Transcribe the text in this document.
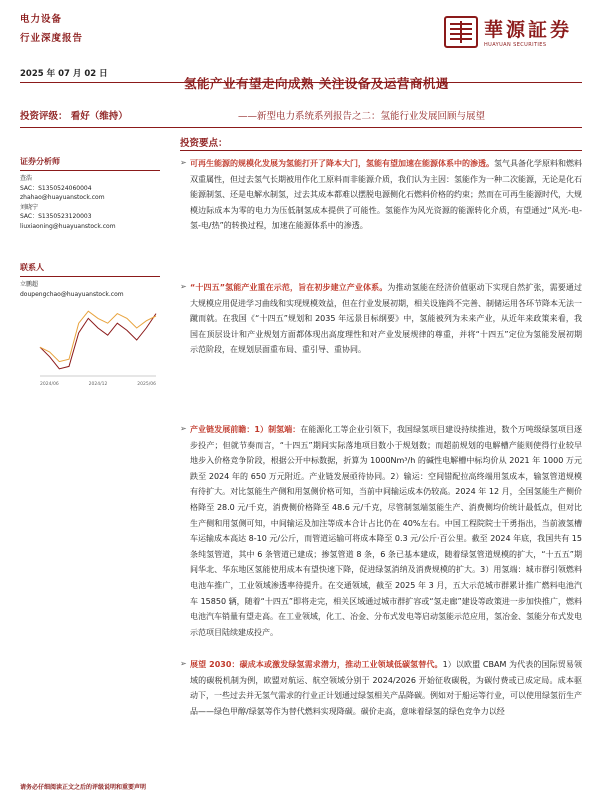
电力设备
行业深度报告	華源証券
HUAYUAN SECURITIES
2025 年 07 月 02 日
氢能产业有望走向成熟 关注设备及运营商机遇
投资评级： 看好（维持）	——新型电力系统系列报告之二：氢能行业发展回顾与展望
证券分析师
查浩
SAC：S1350524060004
zhahao@huayuanstock.com
刘晓宁
SAC：S1350523120003
liuxiaoning@huayuanstock.com
联系人
立鹏超
doupengchao@huayuanstock.com
2024/06	2024/12	2025/06
投资要点：
➢ 可再生能源的规模化发展为氢能打开了降本大门，氢能有望加速在能源体系中的渗透。氢气具备化学原料和燃料双重属性，但过去氢气长期被用作化工原料而非能源介质，我们认为主因：氢能作为一种二次能源，无论是化石能源制氢、还是电解水制氢，过去其成本都难以摆脱电源侧化石燃料价格的约束；然而在可再生能源时代，大规模边际成本为零的电力为压低制氢成本提供了可能性。氢能作为风光资源的能源转化介质，有望通过“风光-电-氢-电/热”的转换过程，加速在能源体系中的渗透。
➢ “十四五”氢能产业重在示范，旨在初步建立产业体系。为推动氢能在经济价值驱动下实现自然扩张，需要通过大规模应用促进学习曲线和实现规模效益，但在行业发展初期，相关设施尚不完善、制储运用各环节降本无法一蹴而就。在我国《“十四五”规划和 2035 年远景目标纲要》中，氢能被列为未来产业，从近年来政策来看，我国在顶层设计和产业规划方面都体现出高度理性和对产业发展规律的尊重，并将“十四五”定位为氢能发展初期示范阶段，在规划层面重布局、重引导、重协同。
➢ 产业链发展前瞻：1）制氢端：在能源化工等企业引领下，我国绿氢项目建设持续推进，数个万吨级绿氢项目逐步投产；但就节奏而言，“十四五”期间实际落地项目数小于规划数；而超前规划的电解槽产能则使得行业较早地步入价格竞争阶段，根据公开中标数据，折算为 1000Nm³/h 的碱性电解槽中标均价从 2021 年 1000 万元跌至 2024 年的 650 万元附近。产业链发展亟待协同。2）输运：空间错配拉高终端用氢成本，输氢管道规模有待扩大。对比氢能生产侧和用氢侧价格可知，当前中间输运成本仍较高。2024 年 12 月，全国氢能生产侧价格降至 28.0 元/千克，消费侧价格降至 48.6 元/千克，尽管制氢端氢能生产、消费侧均价统计最低点，但对比生产侧和用氢侧可知，中间输运及加注等成本合计占比仍在 40%左右。中国工程院院士干勇指出，当前液氢槽车运输成本高达 8-10 元/公斤，而管道运输可将成本降至 0.3 元/公斤·百公里。截至 2024 年底，我国共有 15 条纯氢管道，其中 6 条管道已建成；掺氢管道 8 条，6 条已基本建成，随着绿氢管道规模的扩大，“十五五”期间华北、华东地区氢能使用成本有望快速下降，促进绿氢消纳及消费规模的扩大。3）用氢端：城市群引领燃料电池车推广，工业领域渗透率待提升。在交通领域，截至 2025 年 3 月，五大示范城市群累计推广燃料电池汽车 15850 辆，随着“十四五”即将走完，相关区域通过城市群扩容或“氢走廊”建设等政策进一步加快推广，燃料电池汽车销量有望走高。在工业领域，化工、冶金、分布式发电等启动氢能示范应用，氢冶金、氢能分布式发电示范项目陆续建成投产。
➢ 展望 2030：碳成本或激发绿氢需求潜力，推动工业领域低碳氢替代。1）以欧盟 CBAM 为代表的国际贸易领域的碳税机制为例，欧盟对航运、航空领域分别于 2024/2026 开始征收碳税，为碳付费或已成定局。成本驱动下，一些过去并无氢气需求的行业正计划通过绿氢相关产品降碳。例如对于船运等行业，可以使用绿氢衍生产品——绿色甲醇/绿氨等作为替代燃料实现降碳。碳价走高，意味着绿氢的绿色竞争力以经
请务必仔细阅读正文之后的评级说明和重要声明
